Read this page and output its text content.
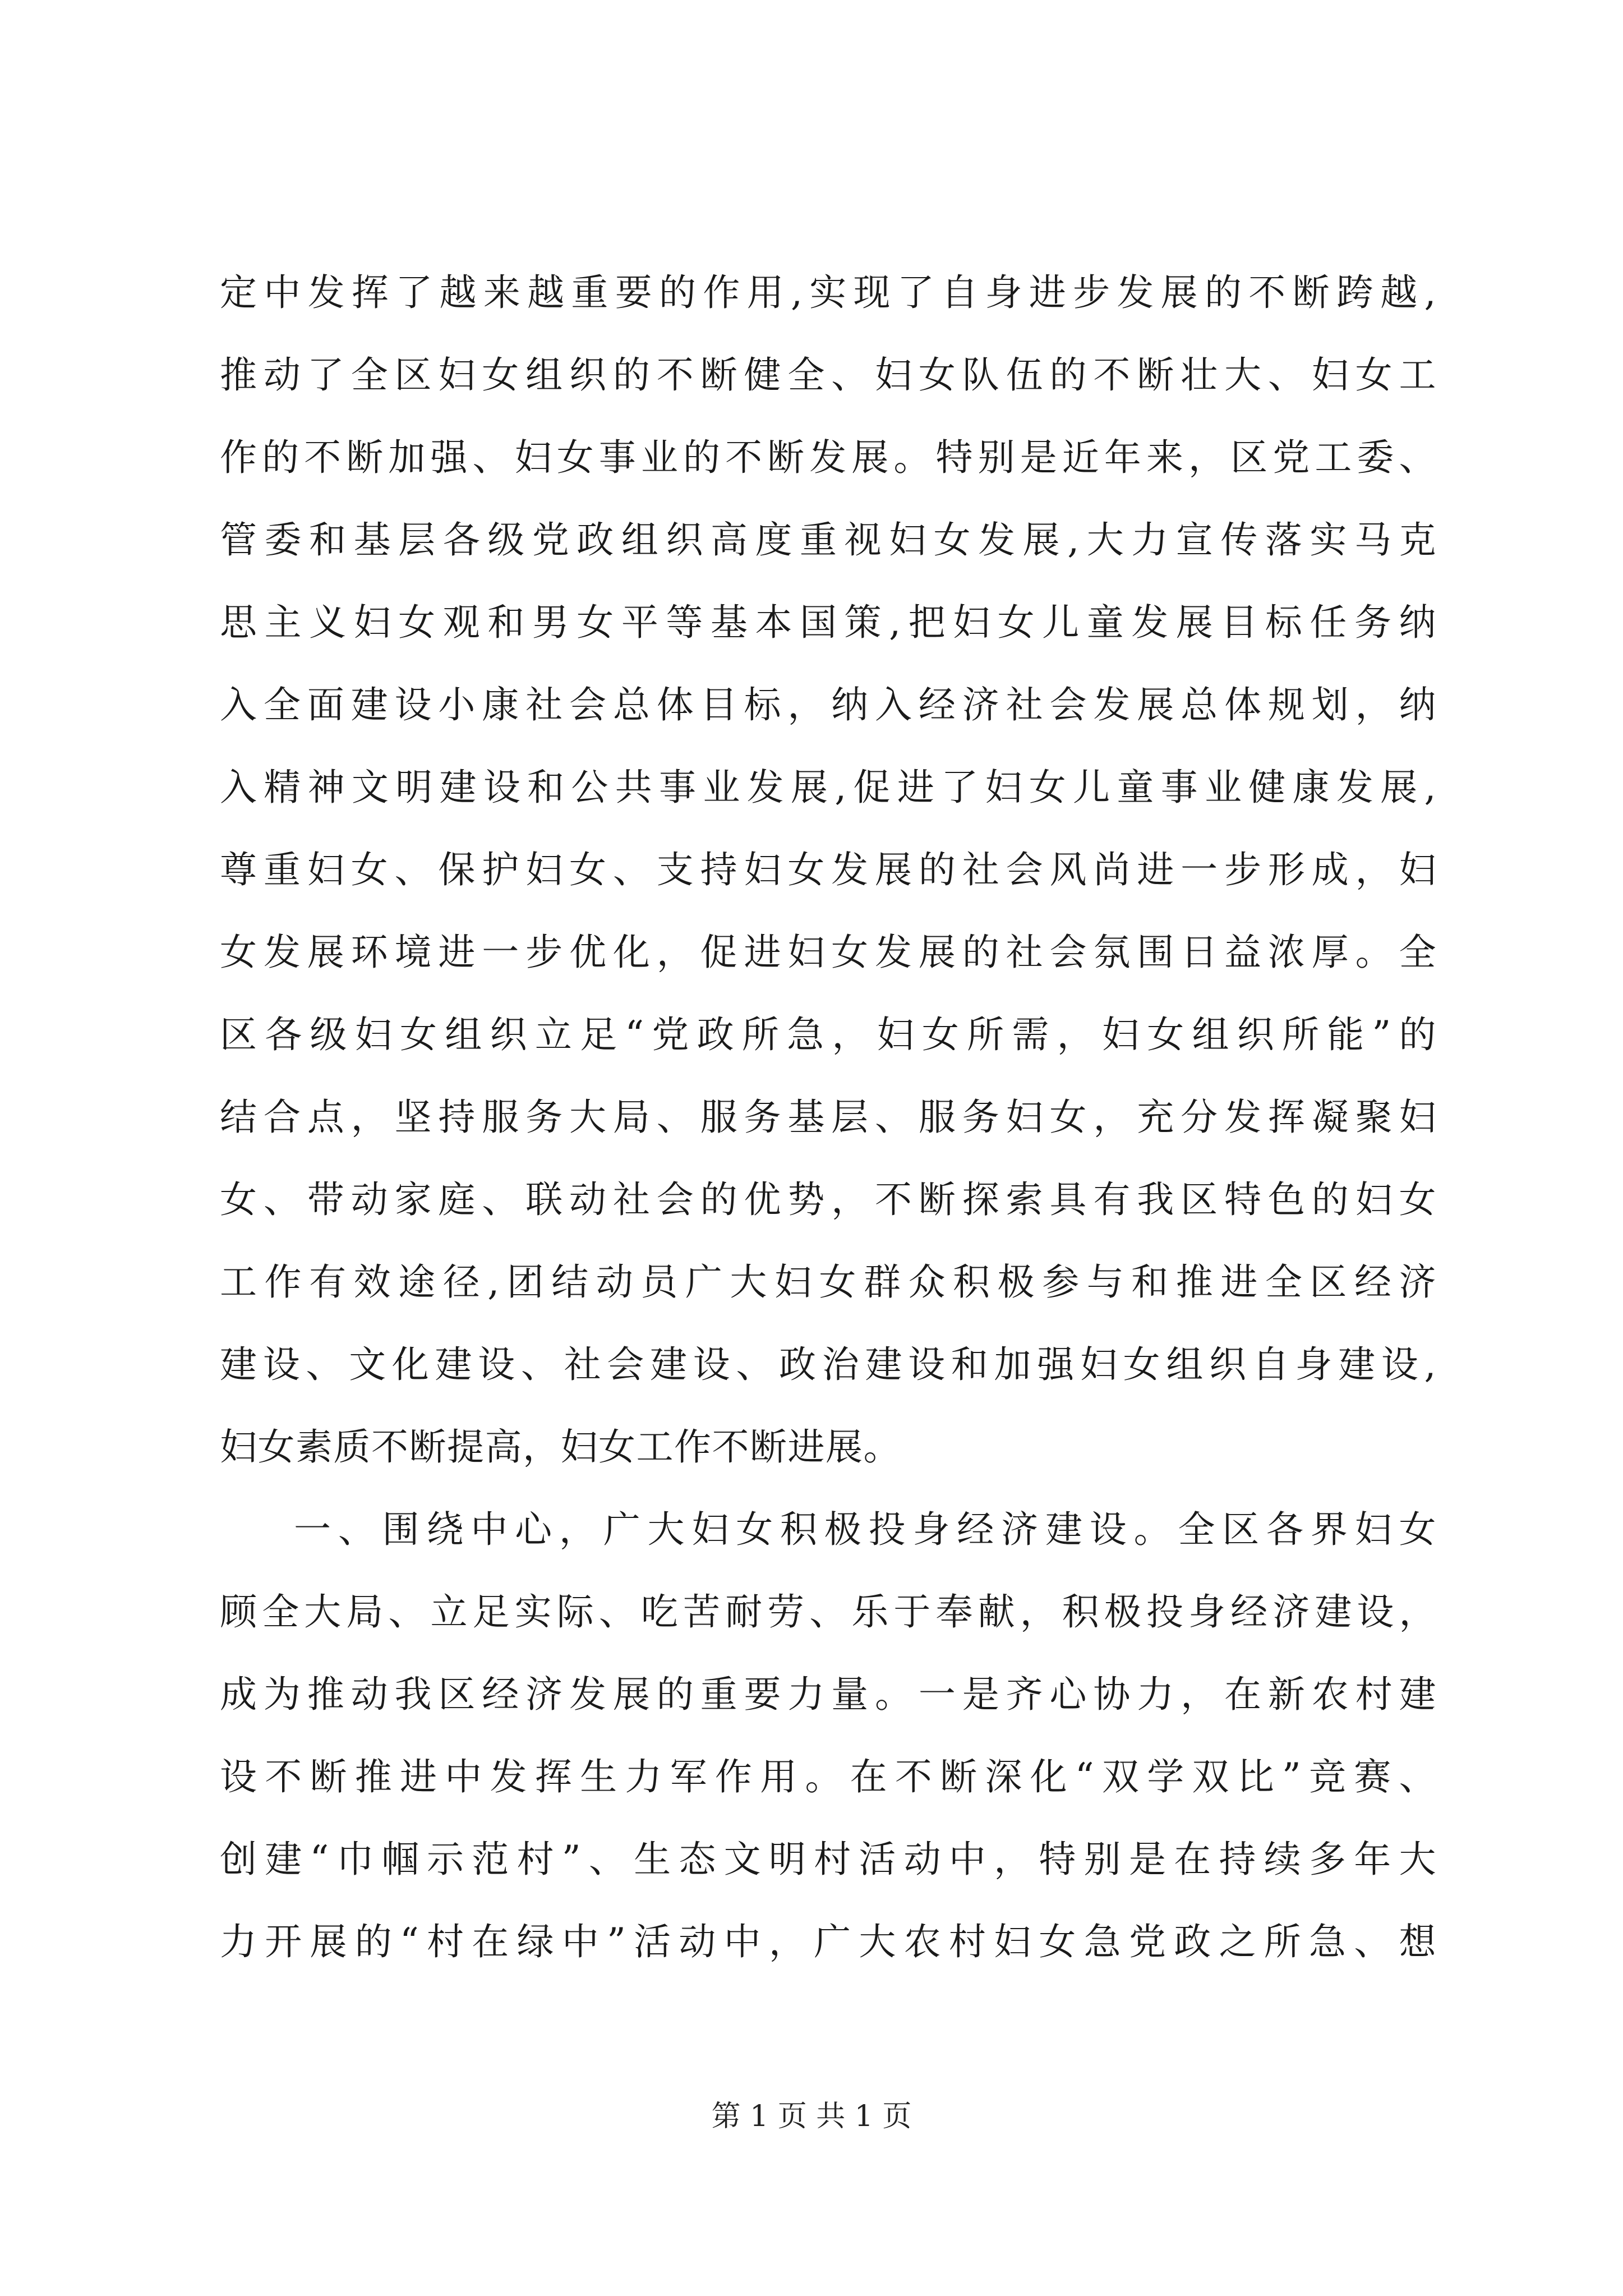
定中发挥了越来越重要的作用,实现了自身进步发展的不断跨越,
推动了全区妇女组织的不断健全、妇女队伍的不断壮大、妇女工
作的不断加强、妇女事业的不断发展。特别是近年来，区党工委、
管委和基层各级党政组织高度重视妇女发展,大力宣传落实马克
思主义妇女观和男女平等基本国策,把妇女儿童发展目标任务纳
入全面建设小康社会总体目标，纳入经济社会发展总体规划，纳
入精神文明建设和公共事业发展,促进了妇女儿童事业健康发展,
尊重妇女、保护妇女、支持妇女发展的社会风尚进一步形成，妇
女发展环境进一步优化，促进妇女发展的社会氛围日益浓厚。全
区各级妇女组织立足“党政所急，妇女所需，妇女组织所能”的
结合点，坚持服务大局、服务基层、服务妇女，充分发挥凝聚妇
女、带动家庭、联动社会的优势，不断探索具有我区特色的妇女
工作有效途径,团结动员广大妇女群众积极参与和推进全区经济
建设、文化建设、社会建设、政治建设和加强妇女组织自身建设,
妇女素质不断提高，妇女工作不断进展。
一、围绕中心，广大妇女积极投身经济建设。全区各界妇女
顾全大局、立足实际、吃苦耐劳、乐于奉献，积极投身经济建设，
成为推动我区经济发展的重要力量。一是齐心协力，在新农村建
设不断推进中发挥生力军作用。在不断深化“双学双比”竞赛、
创建“巾帼示范村”、生态文明村活动中，特别是在持续多年大
力开展的“村在绿中”活动中，广大农村妇女急党政之所急、想
第 1 页 共 1 页
